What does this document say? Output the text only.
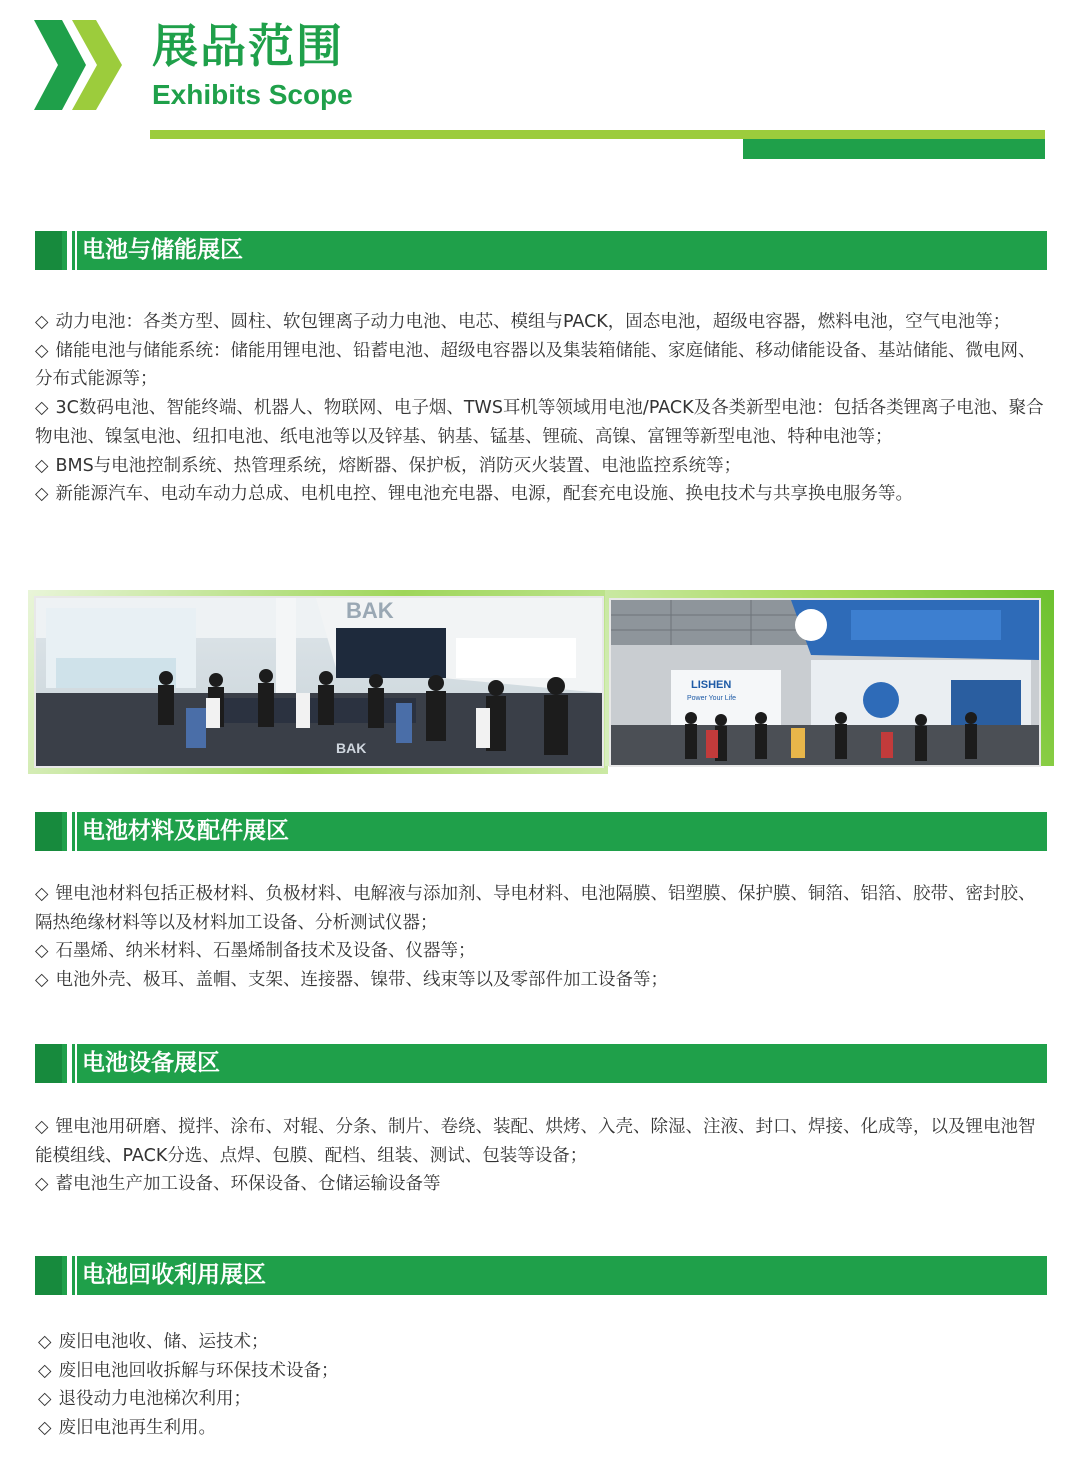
展品范围
Exhibits Scope
电池与储能展区

◇ 动力电池：各类方型、圆柱、软包锂离子动力电池、电芯、模组与PACK，固态电池，超级电容器，燃料电池，空气电池等；

◇ 储能电池与储能系统：储能用锂电池、铅蓄电池、超级电容器以及集装箱储能、家庭储能、移动储能设备、基站储能、微电网、分布式能源等；

◇ 3C数码电池、智能终端、机器人、物联网、电子烟、TWS耳机等领域用电池/PACK及各类新型电池：包括各类锂离子电池、聚合物电池、镍氢电池、纽扣电池、纸电池等以及锌基、钠基、锰基、锂硫、高镍、富锂等新型电池、特种电池等；

◇ BMS与电池控制系统、热管理系统，熔断器、保护板，消防灭火装置、电池监控系统等；

◇ 新能源汽车、电动车动力总成、电机电控、锂电池充电器、电源，配套充电设施、换电技术与共享换电服务等。

BAK
BAK
LISHEN
Power Your Life
电池材料及配件展区

◇ 锂电池材料包括正极材料、负极材料、电解液与添加剂、导电材料、电池隔膜、铝塑膜、保护膜、铜箔、铝箔、胶带、密封胶、隔热绝缘材料等以及材料加工设备、分析测试仪器；

◇ 石墨烯、纳米材料、石墨烯制备技术及设备、仪器等；

◇ 电池外壳、极耳、盖帽、支架、连接器、镍带、线束等以及零部件加工设备等；

电池设备展区

◇ 锂电池用研磨、搅拌、涂布、对辊、分条、制片、卷绕、装配、烘烤、入壳、除湿、注液、封口、焊接、化成等，以及锂电池智能模组线、PACK分选、点焊、包膜、配档、组装、测试、包装等设备；

◇ 蓄电池生产加工设备、环保设备、仓储运输设备等

电池回收利用展区

◇ 废旧电池收、储、运技术；

◇ 废旧电池回收拆解与环保技术设备；

◇ 退役动力电池梯次利用；

◇ 废旧电池再生利用。
